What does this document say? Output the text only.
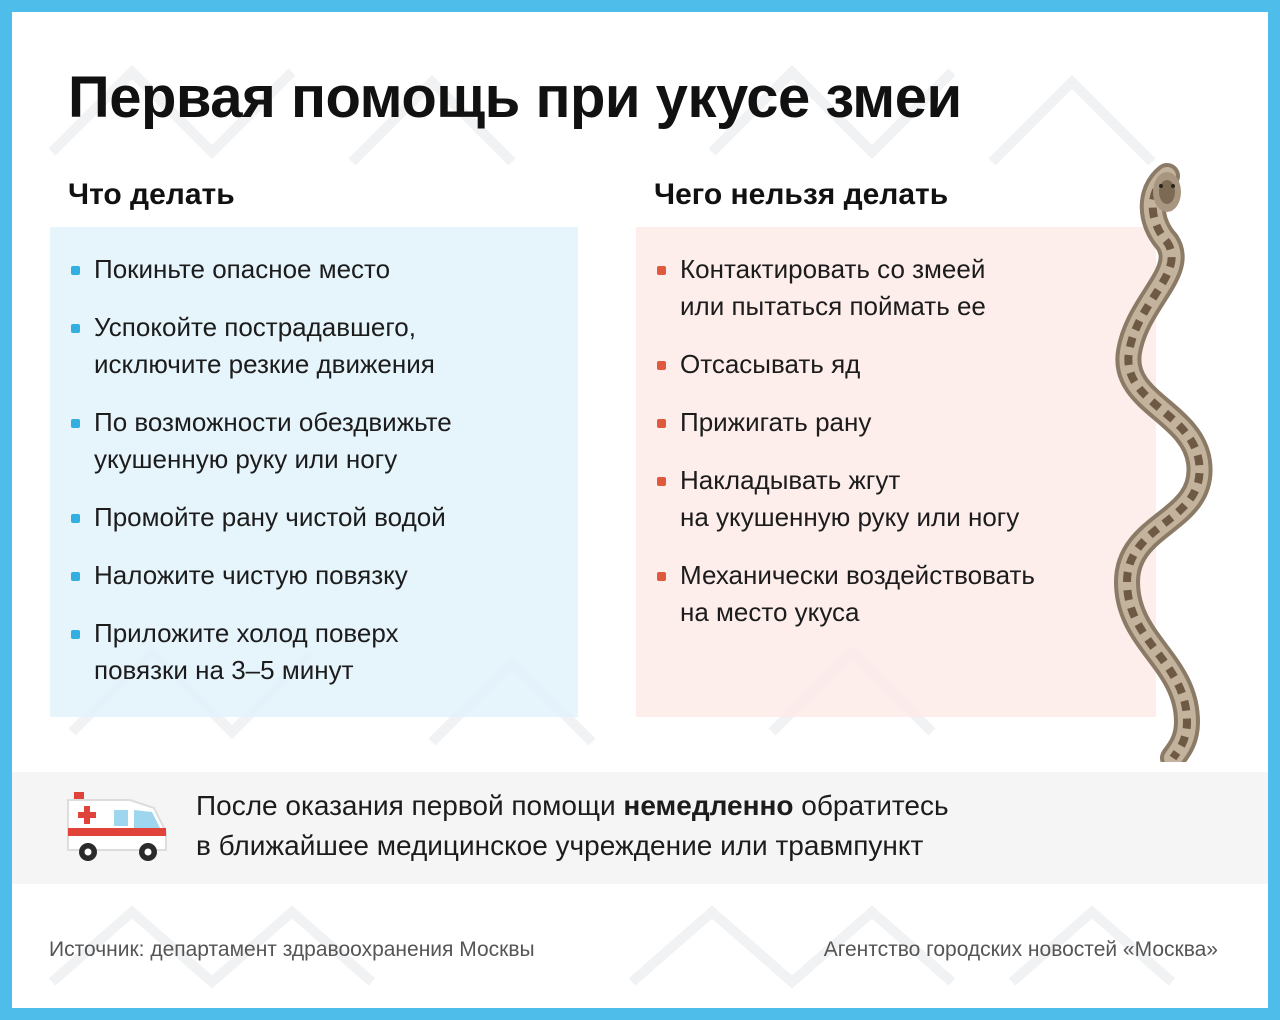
Первая помощь при укусе змеи
Что делать	Чего нельзя делать
Покиньте опасное место
Успокойте пострадавшего,
исключите резкие движения
По возможности обездвижьте
укушенную руку или ногу
Промойте рану чистой водой
Наложите чистую повязку
Приложите холод поверх
повязки на 3–5 минут
Контактировать со змеей
или пытаться поймать ее
Отсасывать яд
Прижигать рану
Накладывать жгут
на укушенную руку или ногу
Механически воздействовать
на место укуса

После оказания первой помощи немедленно обратитесь
в ближайшее медицинское учреждение или травмпункт

Источник: департамент здравоохранения Москвы	Агентство городских новостей «Москва»
